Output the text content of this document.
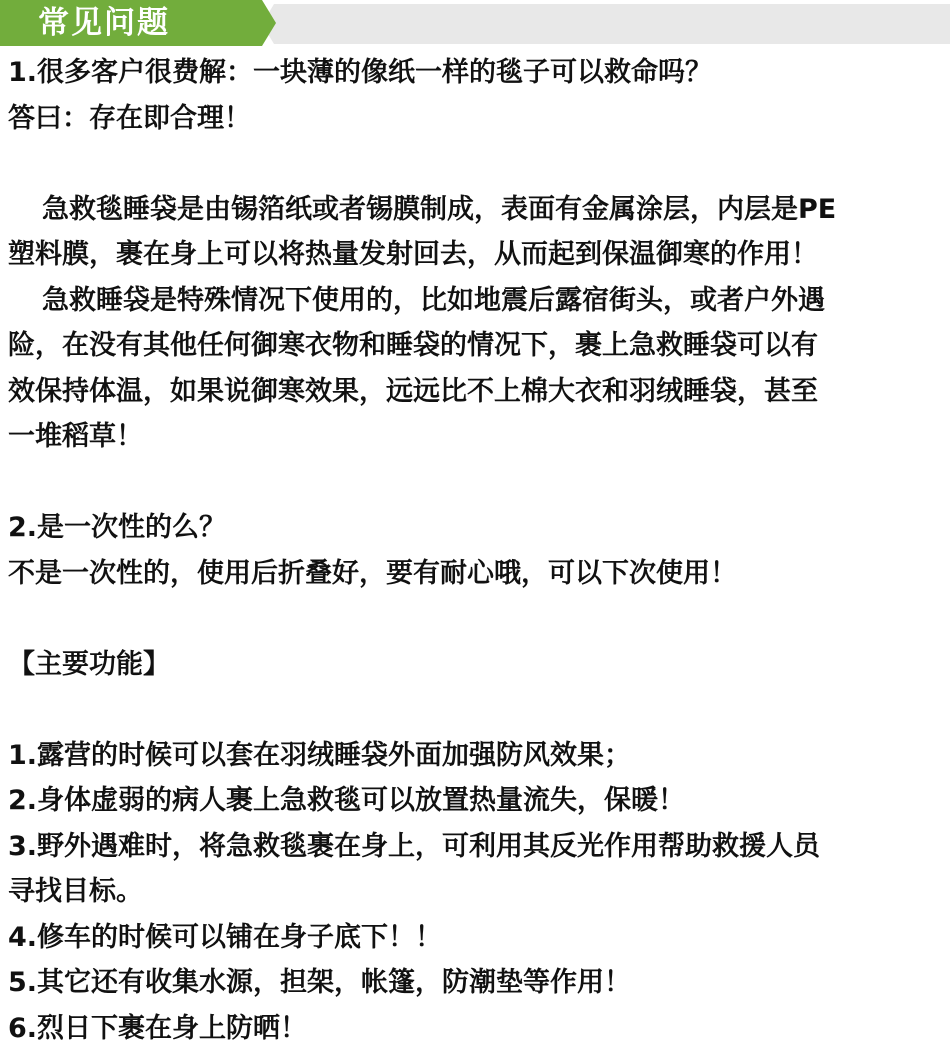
常见问题
1.很多客户很费解：一块薄的像纸一样的毯子可以救命吗？
答曰：存在即合理！
急救毯睡袋是由锡箔纸或者锡膜制成，表面有金属涂层，内层是PE
塑料膜，裹在身上可以将热量发射回去，从而起到保温御寒的作用！
急救睡袋是特殊情况下使用的，比如地震后露宿街头，或者户外遇
险，在没有其他任何御寒衣物和睡袋的情况下，裹上急救睡袋可以有
效保持体温，如果说御寒效果，远远比不上棉大衣和羽绒睡袋，甚至
一堆稻草！
2.是一次性的么？
不是一次性的，使用后折叠好，要有耐心哦，可以下次使用！
【主要功能】
1.露营的时候可以套在羽绒睡袋外面加强防风效果；
2.身体虚弱的病人裹上急救毯可以放置热量流失，保暖！
3.野外遇难时，将急救毯裹在身上，可利用其反光作用帮助救援人员
寻找目标。
4.修车的时候可以铺在身子底下！！
5.其它还有收集水源，担架，帐篷，防潮垫等作用！
6.烈日下裹在身上防晒！
